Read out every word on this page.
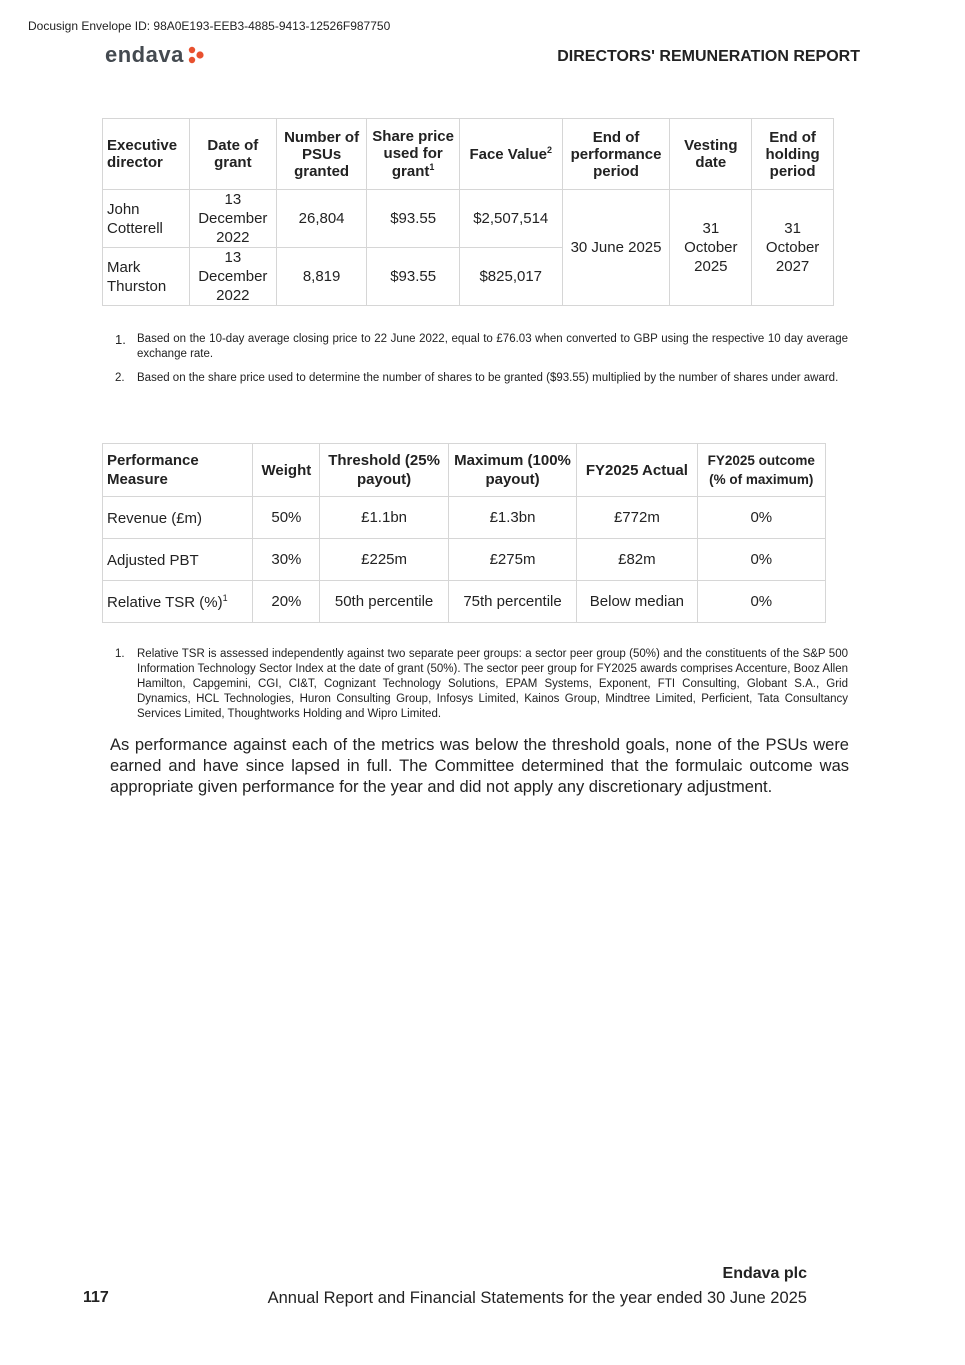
Docusign Envelope ID: 98A0E193-EEB3-4885-9413-12526F987750
endava	DIRECTORS' REMUNERATION REPORT
Executive director	Date of grant	Number of PSUs granted	Share price used for grant$^1$	Face Value$^2$	End of performance period	Vesting date	End of holding period
John Cotterell	13 December 2022	26,804	$93.55	$2,507,514	30 June 2025	31 October 2025	31 October 2027
Mark Thurston	13 December 2022	8,819	$93.55	$825,017			
1. Based on the 10-day average closing price to 22 June 2022, equal to £76.03 when converted to GBP using the respective 10 day average exchange rate.
2. Based on the share price used to determine the number of shares to be granted ($93.55) multiplied by the number of shares under award.
Performance Measure	Weight	Threshold (25% payout)	Maximum (100% payout)	FY2025 Actual	FY2025 outcome (% of maximum)
Revenue (£m)	50%	£1.1bn	£1.3bn	£772m	0%
Adjusted PBT	30%	£225m	£275m	£82m	0%
Relative TSR (%)$^1$	20%	50th percentile	75th percentile	Below median	0%
1. Relative TSR is assessed independently against two separate peer groups: a sector peer group (50%) and the constituents of the S&P 500 Information Technology Sector Index at the date of grant (50%). The sector peer group for FY2025 awards comprises Accenture, Booz Allen Hamilton, Capgemini, CGI, CI&T, Cognizant Technology Solutions, EPAM Systems, Exponent, FTI Consulting, Globant S.A., Grid Dynamics, HCL Technologies, Huron Consulting Group, Infosys Limited, Kainos Group, Mindtree Limited, Perficient, Tata Consultancy Services Limited, Thoughtworks Holding and Wipro Limited.
As performance against each of the metrics was below the threshold goals, none of the PSUs were earned and have since lapsed in full. The Committee determined that the formulaic outcome was appropriate given performance for the year and did not apply any discretionary adjustment.
Endava plc
117	Annual Report and Financial Statements for the year ended 30 June 2025
